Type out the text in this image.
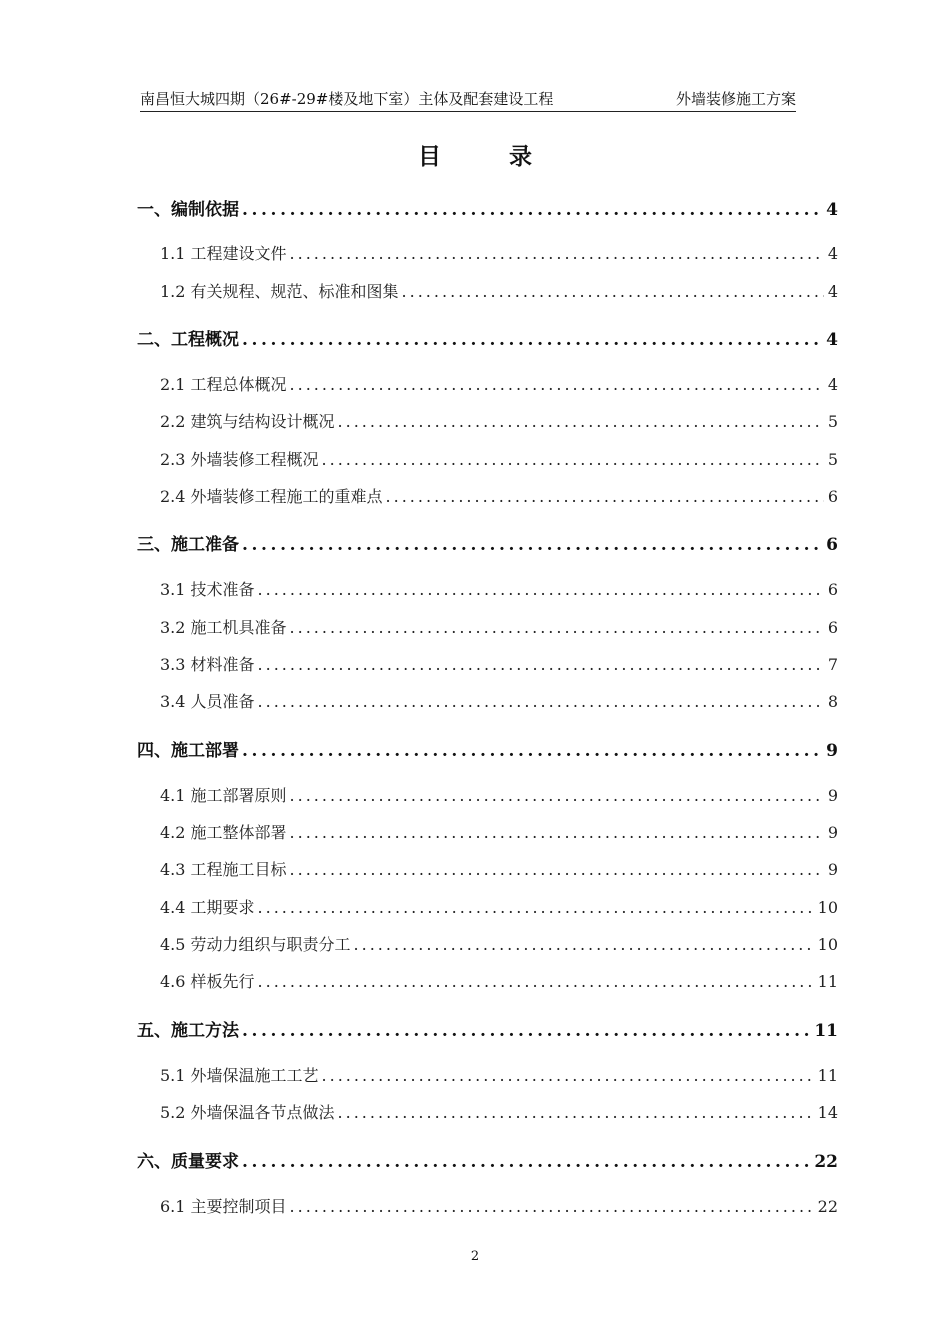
南昌恒大城四期（26#-29#楼及地下室）主体及配套建设工程	外墙装修施工方案
目 录
一、编制依据 .....	4
1.1 工程建设文件 .....	4
1.2 有关规程、规范、标准和图集 .....	4
二、工程概况 .....	4
2.1 工程总体概况 .....	4
2.2 建筑与结构设计概况 .....	5
2.3 外墙装修工程概况 .....	5
2.4 外墙装修工程施工的重难点 .....	6
三、施工准备 .....	6
3.1 技术准备 .....	6
3.2 施工机具准备 .....	6
3.3 材料准备 .....	7
3.4 人员准备 .....	8
四、施工部署 .....	9
4.1 施工部署原则 .....	9
4.2 施工整体部署 .....	9
4.3 工程施工目标 .....	9
4.4 工期要求 .....	10
4.5 劳动力组织与职责分工 .....	10
4.6 样板先行 .....	11
五、施工方法 .....	11
5.1 外墙保温施工工艺 .....	11
5.2 外墙保温各节点做法 .....	14
六、质量要求 .....	22
6.1 主要控制项目 .....	22
2
